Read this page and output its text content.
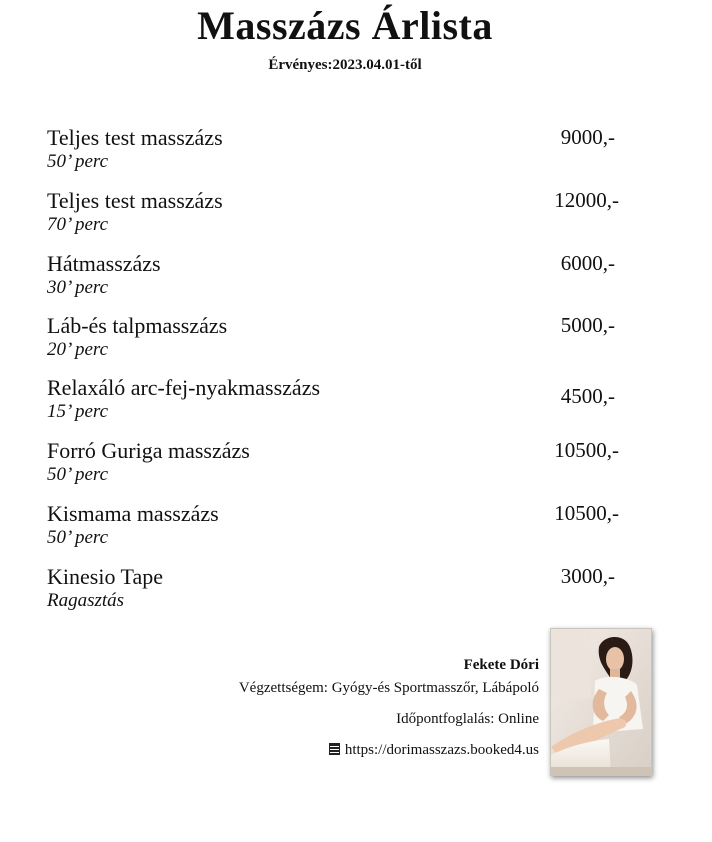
Masszázs Árlista
Érvényes:2023.04.01-től
Teljes test masszázs
50’ perc
9000,-
Teljes test masszázs
70’ perc
12000,-
Hátmasszázs
30’ perc
6000,-
Láb-és talpmasszázs
20’ perc
5000,-
Relaxáló arc-fej-nyakmasszázs
15’ perc
4500,-
Forró Guriga masszázs
50’ perc
10500,-
Kismama masszázs
50’ perc
10500,-
Kinesio Tape
Ragasztás
3000,-
Fekete Dóri
Végzettségem: Gyógy-és Sportmasszőr, Lábápoló
Időpontfoglalás: Online
https://dorimasszazs.booked4.us
